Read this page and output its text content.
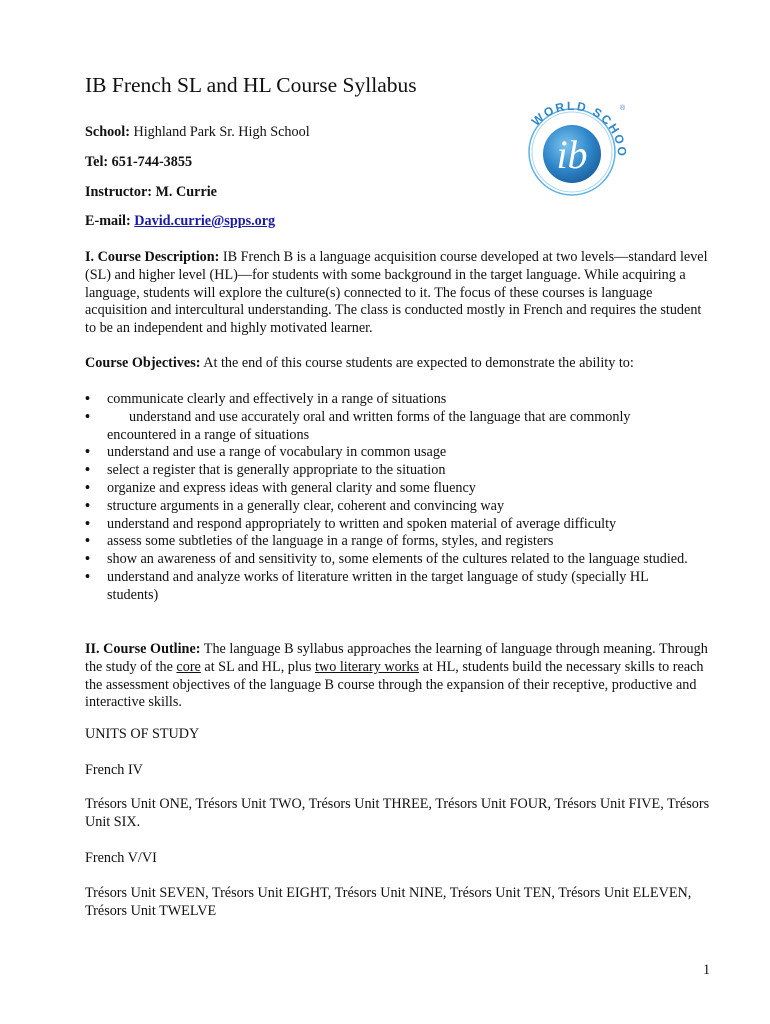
IB French SL and HL Course Syllabus

School: Highland Park Sr. High School

Tel: 651-744-3855

Instructor: M. Currie

E-mail: David.currie@spps.org

WORLD SCHOO
ib
®

I. Course Description: IB French B is a language acquisition course developed at two levels—standard level (SL) and higher level (HL)—for students with some background in the target language. While acquiring a language, students will explore the culture(s) connected to it. The focus of these courses is language acquisition and intercultural understanding. The class is conducted mostly in French and requires the student to be an independent and highly motivated learner.

Course Objectives: At the end of this course students are expected to demonstrate the ability to:

• communicate clearly and effectively in a range of situations
• understand and use accurately oral and written forms of the language that are commonly encountered in a range of situations
• understand and use a range of vocabulary in common usage
• select a register that is generally appropriate to the situation
• organize and express ideas with general clarity and some fluency
• structure arguments in a generally clear, coherent and convincing way
• understand and respond appropriately to written and spoken material of average difficulty
• assess some subtleties of the language in a range of forms, styles, and registers
• show an awareness of and sensitivity to, some elements of the cultures related to the language studied.
• understand and analyze works of literature written in the target language of study (specially HL students)

II. Course Outline: The language B syllabus approaches the learning of language through meaning. Through the study of the core at SL and HL, plus two literary works at HL, students build the necessary skills to reach the assessment objectives of the language B course through the expansion of their receptive, productive and interactive skills.

UNITS OF STUDY

French IV

Trésors Unit ONE, Trésors Unit TWO, Trésors Unit THREE, Trésors Unit FOUR, Trésors Unit FIVE, Trésors Unit SIX.

French V/VI

Trésors Unit SEVEN, Trésors Unit EIGHT, Trésors Unit NINE, Trésors Unit TEN, Trésors Unit ELEVEN, Trésors Unit TWELVE

1
